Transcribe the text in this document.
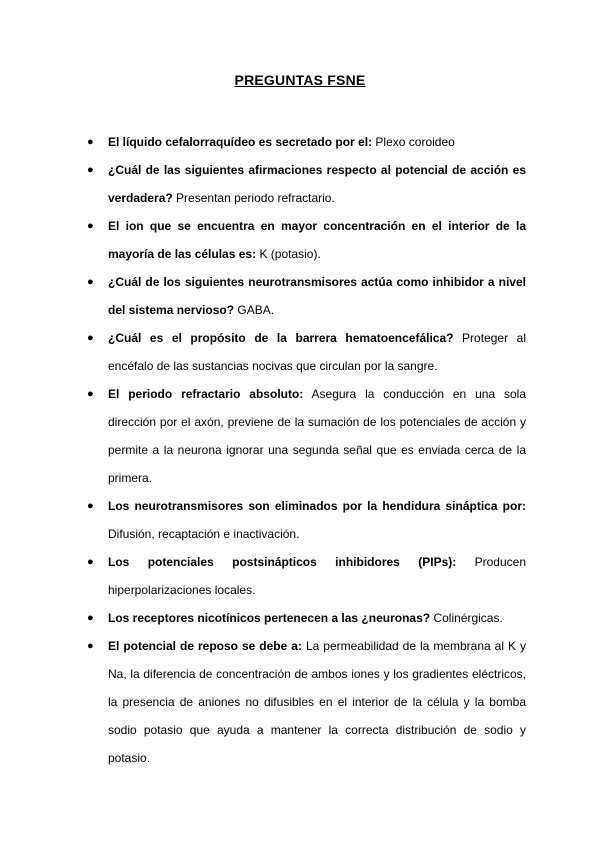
PREGUNTAS FSNE
● El líquido cefalorraquídeo es secretado por el: Plexo coroideo
● ¿Cuál de las siguientes afirmaciones respecto al potencial de acción es verdadera? Presentan periodo refractario.
● El ion que se encuentra en mayor concentración en el interior de la mayoría de las células es: K (potasio).
● ¿Cuál de los siguientes neurotransmisores actúa como inhibidor a nivel del sistema nervioso? GABA.
● ¿Cuál es el propósito de la barrera hematoencefálica? Proteger al encéfalo de las sustancias nocivas que circulan por la sangre.
● El periodo refractario absoluto: Asegura la conducción en una sola dirección por el axón, previene de la sumación de los potenciales de acción y permite a la neurona ignorar una segunda señal que es enviada cerca de la primera.
● Los neurotransmisores son eliminados por la hendidura sináptica por: Difusión, recaptación e inactivación.
● Los potenciales postsinápticos inhibidores (PIPs): Producen hiperpolarizaciones locales.
● Los receptores nicotínicos pertenecen a las ¿neuronas? Colinérgicas.
● El potencial de reposo se debe a: La permeabilidad de la membrana al K y Na, la diferencia de concentración de ambos iones y los gradientes eléctricos, la presencia de aniones no difusibles en el interior de la célula y la bomba sodio potasio que ayuda a mantener la correcta distribución de sodio y potasio.
